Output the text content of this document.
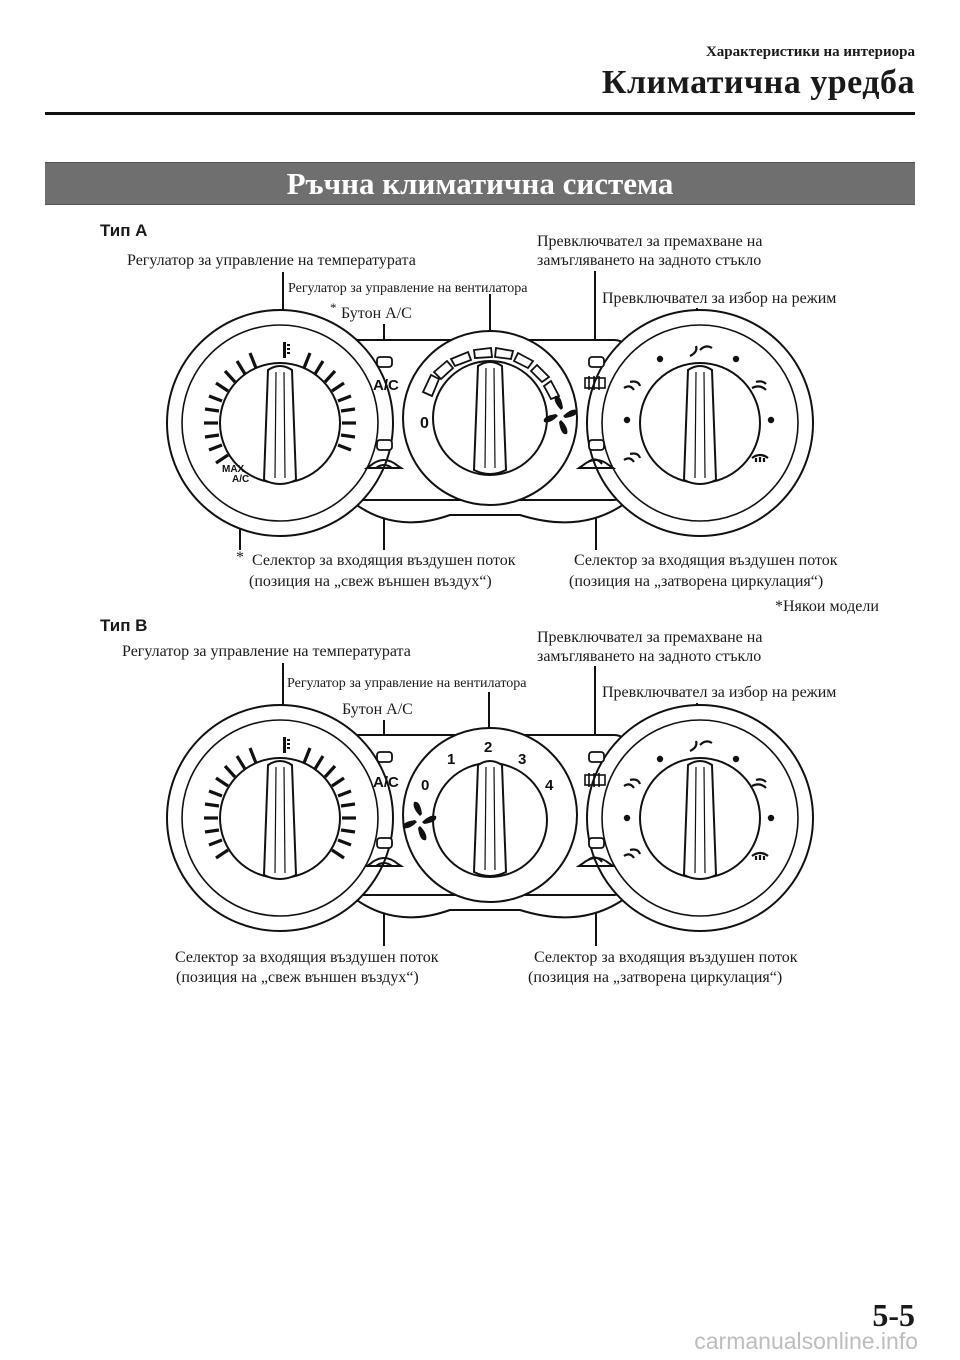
Характеристики на интериора
Климатична уредба
Ръчна климатична система
Тип A
Регулатор за управление на температурата
Регулатор за управление на вентилатора
* Бутон A/C
Превключвател за премахване на
замъгляването на задното стъкло
Превключвател за избор на режим
0
A/C
MAX
A/C
* Селектор за входящия въздушен поток
(позиция на „свеж външен въздух“)
Селектор за входящия въздушен поток
(позиция на „затворена циркулация“)
*Някои модели
Тип B
Регулатор за управление на температурата
Регулатор за управление на вентилатора
Бутон A/C
Превключвател за премахване на
замъгляването на задното стъкло
Превключвател за избор на режим
0
1
2
3
4
A/C
Селектор за входящия въздушен поток
(позиция на „свеж външен въздух“)
Селектор за входящия въздушен поток
(позиция на „затворена циркулация“)
5-5
carmanualsonline.info
